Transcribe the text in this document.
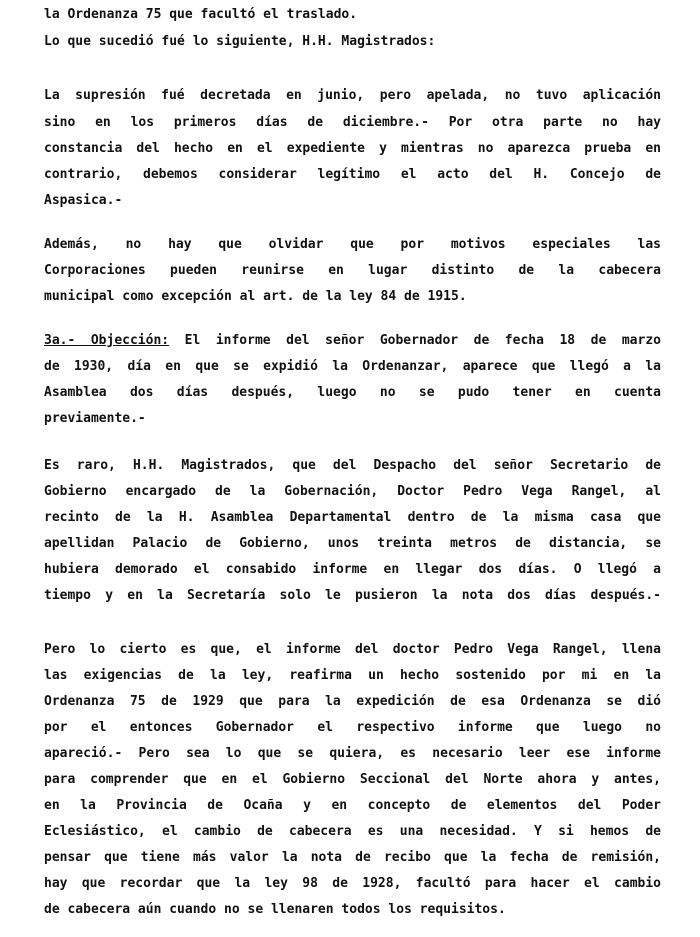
la Ordenanza 75 que facultó el traslado.
Lo que sucedió fué lo siguiente, H.H. Magistrados:
La supresión fué decretada en junio, pero apelada, no tuvo aplicación
sino en los primeros días de diciembre.- Por otra parte no hay
constancia del hecho en el expediente y mientras no aparezca prueba en
contrario, debemos considerar legítimo el acto del H. Concejo de
Aspasica.-
Además, no hay que olvidar que por motivos especiales las
Corporaciones pueden reunirse en lugar distinto de la cabecera
municipal como excepción al art. de la ley 84 de 1915.
3a.- Objección: El informe del señor Gobernador de fecha 18 de marzo
de 1930, día en que se expidió la Ordenanzar, aparece que llegó a la
Asamblea dos días después, luego no se pudo tener en cuenta
previamente.-
Es raro, H.H. Magistrados, que del Despacho del señor Secretario de
Gobierno encargado de la Gobernación, Doctor Pedro Vega Rangel, al
recinto de la H. Asamblea Departamental dentro de la misma casa que
apellidan Palacio de Gobierno, unos treinta metros de distancia, se
hubiera demorado el consabido informe en llegar dos días. O llegó a
tiempo y en la Secretaría solo le pusieron la nota dos días después.-
Pero lo cierto es que, el informe del doctor Pedro Vega Rangel, llena
las exigencias de la ley, reafirma un hecho sostenido por mi en la
Ordenanza 75 de 1929 que para la expedición de esa Ordenanza se dió
por el entonces Gobernador el respectivo informe que luego no
apareció.- Pero sea lo que se quiera, es necesario leer ese informe
para comprender que en el Gobierno Seccional del Norte ahora y antes,
en la Provincia de Ocaña y en concepto de elementos del Poder
Eclesiástico, el cambio de cabecera es una necesidad. Y si hemos de
pensar que tiene más valor la nota de recibo que la fecha de remisión,
hay que recordar que la ley 98 de 1928, facultó para hacer el cambio
de cabecera aún cuando no se llenaren todos los requisitos.
